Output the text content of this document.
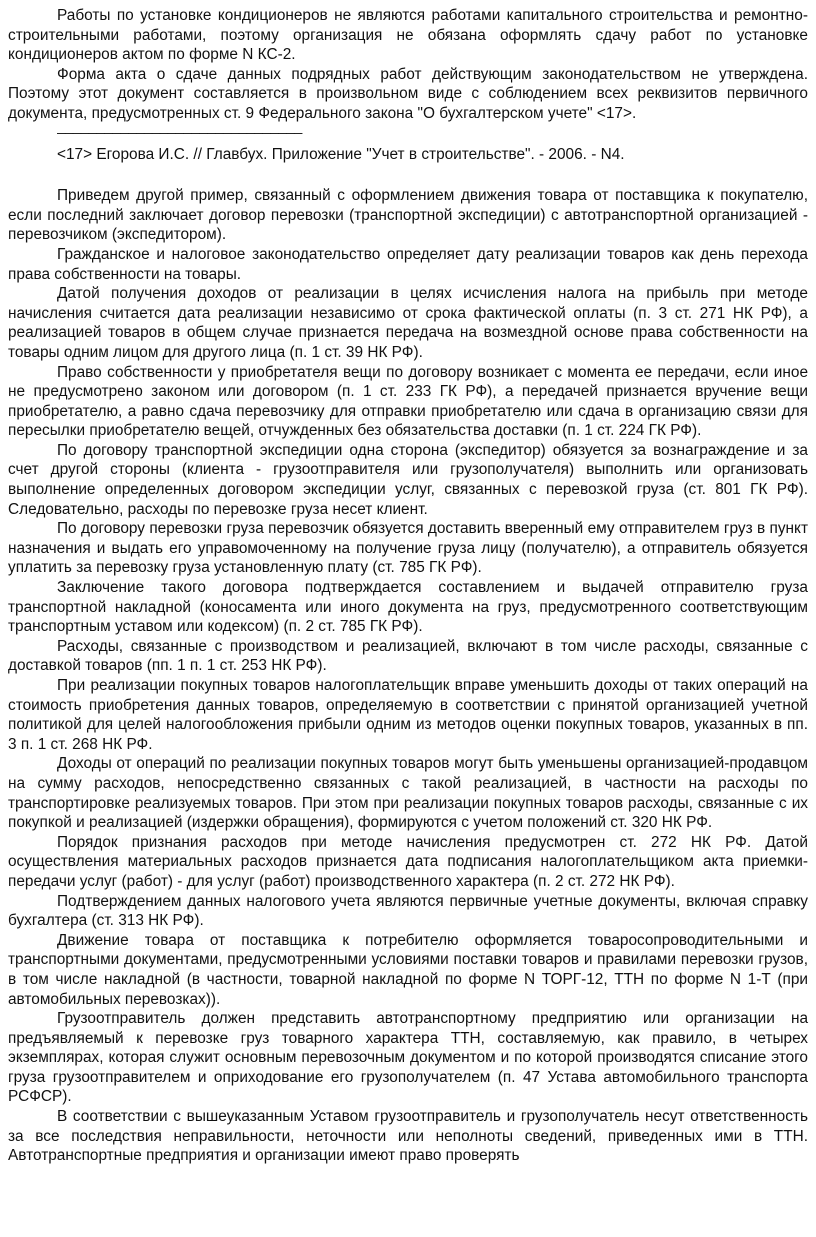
Работы по установке кондиционеров не являются работами капитального строительства и ремонтно-строительными работами, поэтому организация не обязана оформлять сдачу работ по установке кондиционеров актом по форме N КС-2.

Форма акта о сдаче данных подрядных работ действующим законодательством не утверждена. Поэтому этот документ составляется в произвольном виде с соблюдением всех реквизитов первичного документа, предусмотренных ст. 9 Федерального закона "О бухгалтерском учете" <17>.

———————————————————————————————

<17> Егорова И.С. // Главбух. Приложение "Учет в строительстве". - 2006. - N4.

Приведем другой пример, связанный с оформлением движения товара от поставщика к покупателю, если последний заключает договор перевозки (транспортной экспедиции) с автотранспортной организацией - перевозчиком (экспедитором).

Гражданское и налоговое законодательство определяет дату реализации товаров как день перехода права собственности на товары.

Датой получения доходов от реализации в целях исчисления налога на прибыль при методе начисления считается дата реализации независимо от срока фактической оплаты (п. 3 ст. 271 НК РФ), а реализацией товаров в общем случае признается передача на возмездной основе права собственности на товары одним лицом для другого лица (п. 1 ст. 39 НК РФ).

Право собственности у приобретателя вещи по договору возникает с момента ее передачи, если иное не предусмотрено законом или договором (п. 1 ст. 233 ГК РФ), а передачей признается вручение вещи приобретателю, а равно сдача перевозчику для отправки приобретателю или сдача в организацию связи для пересылки приобретателю вещей, отчужденных без обязательства доставки (п. 1 ст. 224 ГК РФ).

По договору транспортной экспедиции одна сторона (экспедитор) обязуется за вознаграждение и за счет другой стороны (клиента - грузоотправителя или грузополучателя) выполнить или организовать выполнение определенных договором экспедиции услуг, связанных с перевозкой груза (ст. 801 ГК РФ). Следовательно, расходы по перевозке груза несет клиент.

По договору перевозки груза перевозчик обязуется доставить вверенный ему отправителем груз в пункт назначения и выдать его управомоченному на получение груза лицу (получателю), а отправитель обязуется уплатить за перевозку груза установленную плату (ст. 785 ГК РФ).

Заключение такого договора подтверждается составлением и выдачей отправителю груза транспортной накладной (коносамента или иного документа на груз, предусмотренного соответствующим транспортным уставом или кодексом) (п. 2 ст. 785 ГК РФ).

Расходы, связанные с производством и реализацией, включают в том числе расходы, связанные с доставкой товаров (пп. 1 п. 1 ст. 253 НК РФ).

При реализации покупных товаров налогоплательщик вправе уменьшить доходы от таких операций на стоимость приобретения данных товаров, определяемую в соответствии с принятой организацией учетной политикой для целей налогообложения прибыли одним из методов оценки покупных товаров, указанных в пп. 3 п. 1 ст. 268 НК РФ.

Доходы от операций по реализации покупных товаров могут быть уменьшены организацией-продавцом на сумму расходов, непосредственно связанных с такой реализацией, в частности на расходы по транспортировке реализуемых товаров. При этом при реализации покупных товаров расходы, связанные с их покупкой и реализацией (издержки обращения), формируются с учетом положений ст. 320 НК РФ.

Порядок признания расходов при методе начисления предусмотрен ст. 272 НК РФ. Датой осуществления материальных расходов признается дата подписания налогоплательщиком акта приемки-передачи услуг (работ) - для услуг (работ) производственного характера (п. 2 ст. 272 НК РФ).

Подтверждением данных налогового учета являются первичные учетные документы, включая справку бухгалтера (ст. 313 НК РФ).

Движение товара от поставщика к потребителю оформляется товаросопроводительными и транспортными документами, предусмотренными условиями поставки товаров и правилами перевозки грузов, в том числе накладной (в частности, товарной накладной по форме N ТОРГ-12, ТТН по форме N 1-Т (при автомобильных перевозках)).

Грузоотправитель должен представить автотранспортному предприятию или организации на предъявляемый к перевозке груз товарного характера ТТН, составляемую, как правило, в четырех экземплярах, которая служит основным перевозочным документом и по которой производятся списание этого груза грузоотправителем и оприходование его грузополучателем (п. 47 Устава автомобильного транспорта РСФСР).

В соответствии с вышеуказанным Уставом грузоотправитель и грузополучатель несут ответственность за все последствия неправильности, неточности или неполноты сведений, приведенных ими в ТТН. Автотранспортные предприятия и организации имеют право проверять
